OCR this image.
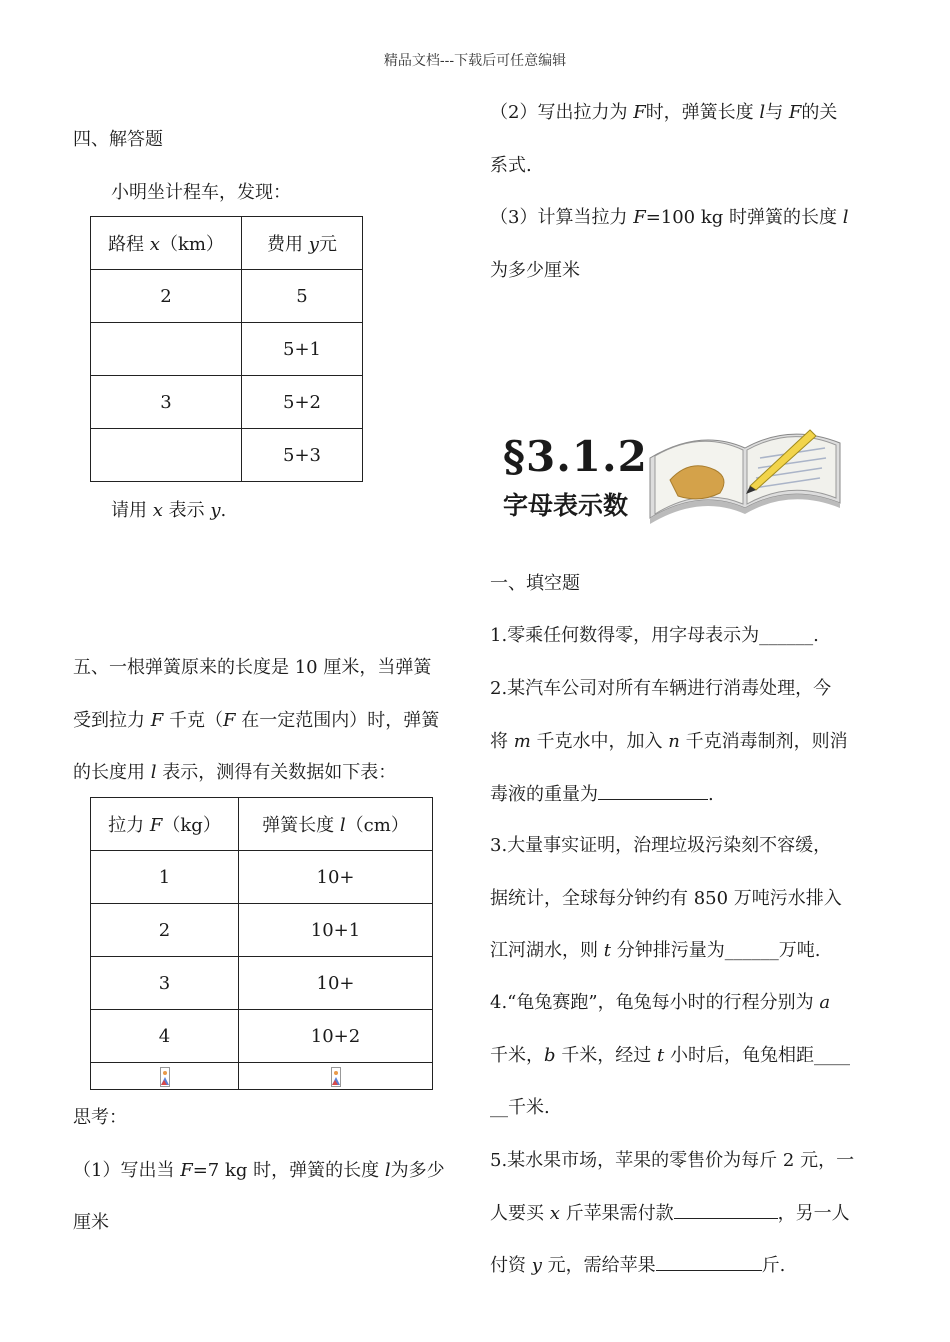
精品文档---下载后可任意编辑
四、解答题
小明坐计程车，发现：
路程 x（km）	费用 y元
2	5
	5+1
3	5+2
	5+3
请用 x 表示 y.
五、一根弹簧原来的长度是 10 厘米，当弹簧
受到拉力 F 千克（F 在一定范围内）时，弹簧
的长度用 l 表示，测得有关数据如下表：
拉力 F（kg）	弹簧长度 l（cm）
1	10+
2	10+1
3	10+
4	10+2

思考：
（1）写出当 F=7 kg 时，弹簧的长度 l为多少
厘米
（2）写出拉力为 F时，弹簧长度 l与 F的关
系式.
（3）计算当拉力 F=100 kg 时弹簧的长度 l
为多少厘米
§3.1.2
字母表示数
一、填空题
1.零乘任何数得零，用字母表示为______.
2.某汽车公司对所有车辆进行消毒处理，今
将 m 千克水中，加入 n 千克消毒制剂，则消
毒液的重量为	.
3.大量事实证明，治理垃圾污染刻不容缓，
据统计，全球每分钟约有 850 万吨污水排入
江河湖水，则 t 分钟排污量为______万吨.
4.“龟兔赛跑”，龟兔每小时的行程分别为 a
千米，b 千米，经过 t 小时后，龟兔相距____
__千米.
5.某水果市场，苹果的零售价为每斤 2 元，一
人要买 x 斤苹果需付款	，另一人
付资 y 元，需给苹果	斤.
